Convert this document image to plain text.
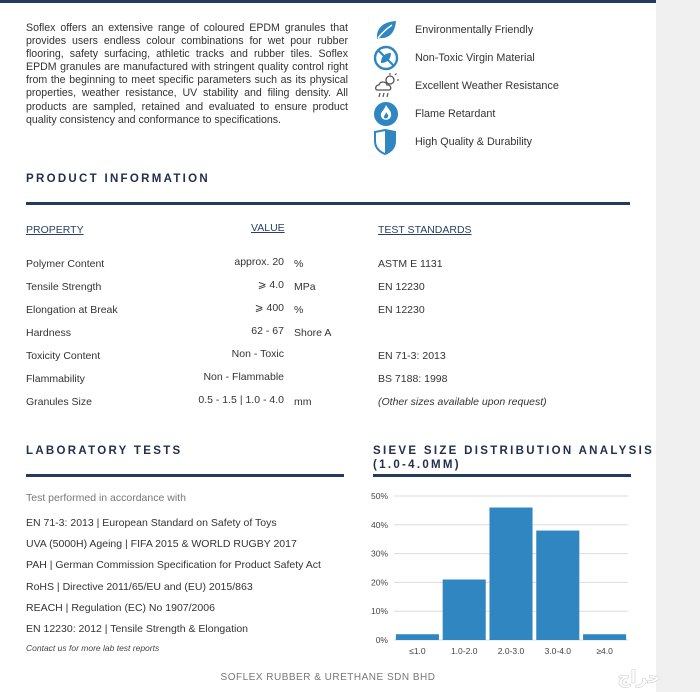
Soflex offers an extensive range of coloured EPDM granules that provides users endless colour combinations for wet pour rubber flooring, safety surfacing, athletic tracks and rubber tiles. Soflex EPDM granules are manufactured with stringent quality control right from the beginning to meet specific parameters such as its physical properties, weather resistance, UV stability and filing density. All products are sampled, retained and evaluated to ensure product quality consistency and conformance to specifications.
Environmentally Friendly
Non-Toxic Virgin Material
Excellent Weather Resistance
Flame Retardant
High Quality & Durability
PRODUCT INFORMATION
PROPERTY	VALUE	TEST STANDARDS
Polymer Content	approx. 20 %	ASTM E 1131
Tensile Strength	⩾ 4.0 MPa	EN 12230
Elongation at Break	⩾ 400 %	EN 12230
Hardness	62 - 67 Shore A
Toxicity Content	Non - Toxic	EN 71-3: 2013
Flammability	Non - Flammable	BS 7188: 1998
Granules Size	0.5 - 1.5 | 1.0 - 4.0 mm	(Other sizes available upon request)
LABORATORY TESTS
Test performed in accordance with
EN 71-3: 2013 | European Standard on Safety of Toys
UVA (5000H) Ageing | FIFA 2015 & WORLD RUGBY 2017
PAH | German Commission Specification for Product Safety Act
RoHS | Directive 2011/65/EU and (EU) 2015/863
REACH | Regulation (EC) No 1907/2006
EN 12230: 2012 | Tensile Strength & Elongation
Contact us for more lab test reports
SIEVE SIZE DISTRIBUTION ANALYSIS
(1.0-4.0MM)
0%
10%
20%
30%
40%
50%
≤1.0	1.0-2.0 2.0-3.0 3.0-4.0	≥4.0
SOFLEX RUBBER & URETHANE SDN BHD	حراج
